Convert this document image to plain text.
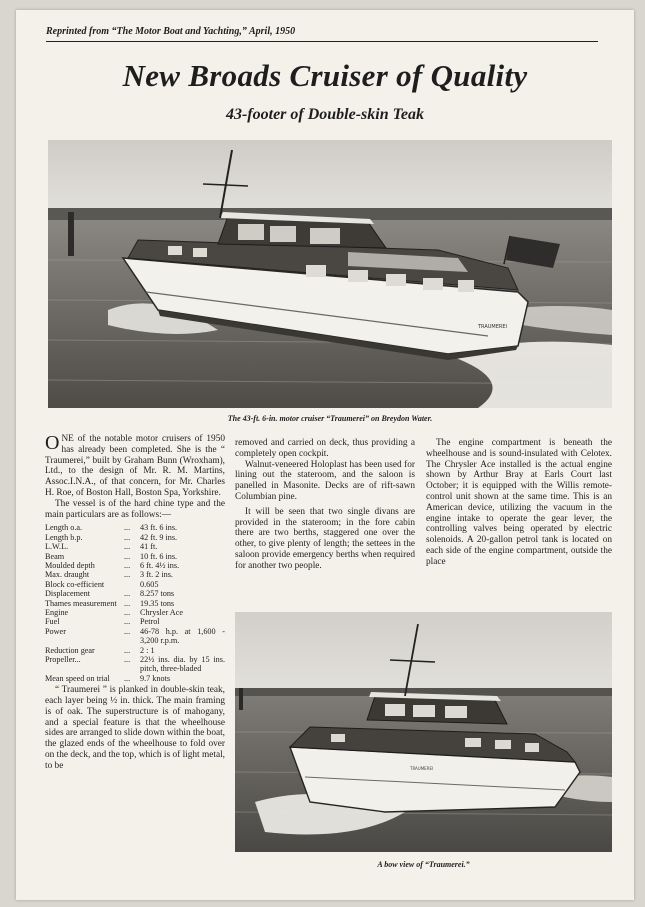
Reprinted from “The Motor Boat and Yachting,” April, 1950
New Broads Cruiser of Quality
43-footer of Double-skin Teak
TRAUMEREI
The 43-ft. 6-in. motor cruiser “Traumerei” on Breydon Water.

ONE of the notable motor cruisers of 1950 has already been completed. She is the “ Traumerei,” built by Graham Bunn (Wroxham), Ltd., to the design of Mr. R. M. Martins, Assoc.I.N.A., of that concern, for Mr. Charles H. Roe, of Boston Hall, Boston Spa, Yorkshire.

The vessel is of the hard chine type and the main particulars are as follows:—

Length o.a.	...	43 ft. 6 ins.
Length b.p.	...	42 ft. 9 ins.
L.W.L.	...	41 ft.
Beam	...	10 ft. 6 ins.
Moulded depth	...	6 ft. 4½ ins.
Max. draught	...	3 ft. 2 ins.
Block co-efficient		0.605
Displacement	...	8.257 tons
Thames measurement	...	19.35 tons
Engine	...	Chrysler Ace
Fuel	...	Petrol
Power	...	46-78 h.p. at 1,600 - 3,200 r.p.m.
Reduction gear	...	2 : 1
Propeller...	...	22½ ins. dia. by 15 ins. pitch, three-bladed
Mean speed on trial	...	9.7 knots

“ Traumerei ” is planked in double-skin teak, each layer being ½ in. thick. The main framing is of oak. The superstructure is of mahogany, and a special feature is that the wheelhouse sides are arranged to slide down within the boat, the glazed ends of the wheelhouse to fold over on the deck, and the top, which is of light metal, to be

removed and carried on deck, thus providing a completely open cockpit.

Walnut-veneered Holoplast has been used for lining out the stateroom, and the saloon is panelled in Masonite. Decks are of rift-sawn Columbian pine.

It will be seen that two single divans are provided in the stateroom; in the fore cabin there are two berths, staggered one over the other, to give plenty of length; the settees in the saloon provide emergency berths when required for another two people.

The engine compartment is beneath the wheelhouse and is sound-insulated with Celotex. The Chrysler Ace installed is the actual engine shown by Arthur Bray at Earls Court last October; it is equipped with the Willis remote-control unit shown at the same time. This is an American device, utilizing the vacuum in the engine intake to operate the gear lever, the controlling valves being operated by electric solenoids. A 20-gallon petrol tank is located on each side of the engine compartment, outside the place

TRAUMEREI
A bow view of “Traumerei.”
